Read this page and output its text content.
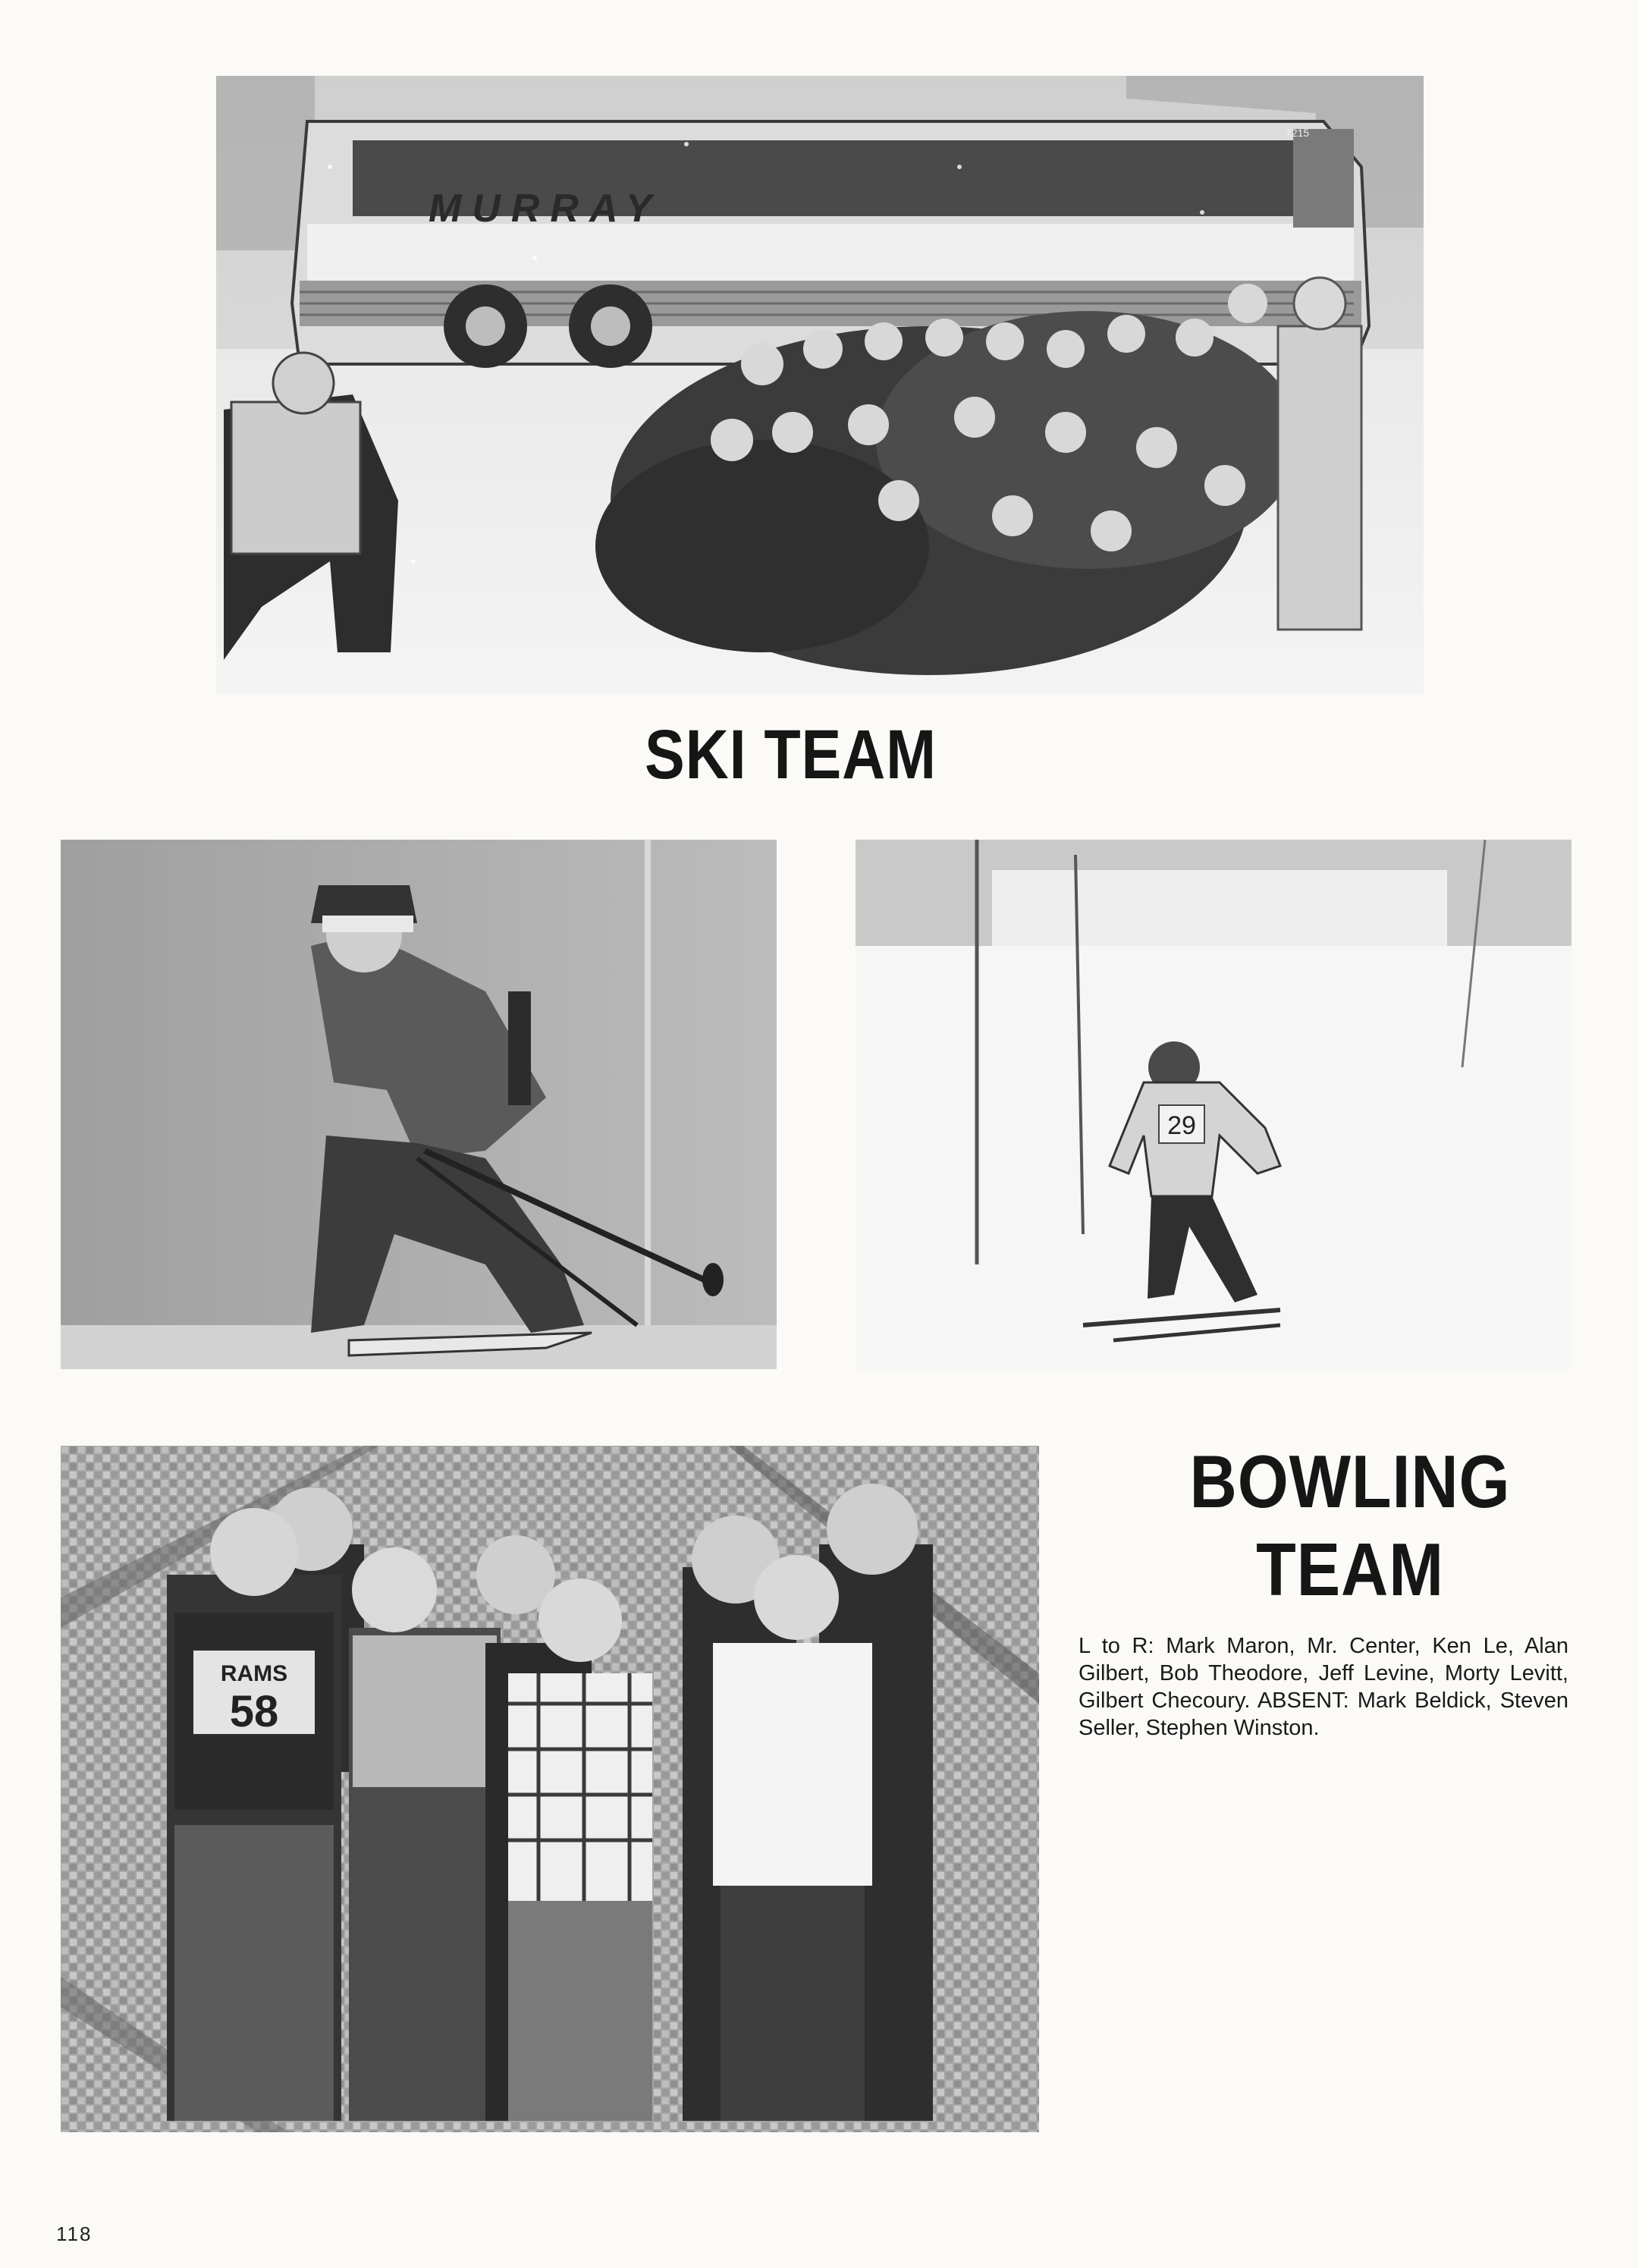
MURRAY
7215
SKI TEAM
29
RAMS
58
BOWLING
TEAM

L to R: Mark Maron, Mr. Center, Ken Le, Alan Gilbert, Bob Theodore, Jeff Levine, Morty Levitt, Gilbert Checoury. ABSENT: Mark Beldick, Steven Seller, Stephen Winston.

118
